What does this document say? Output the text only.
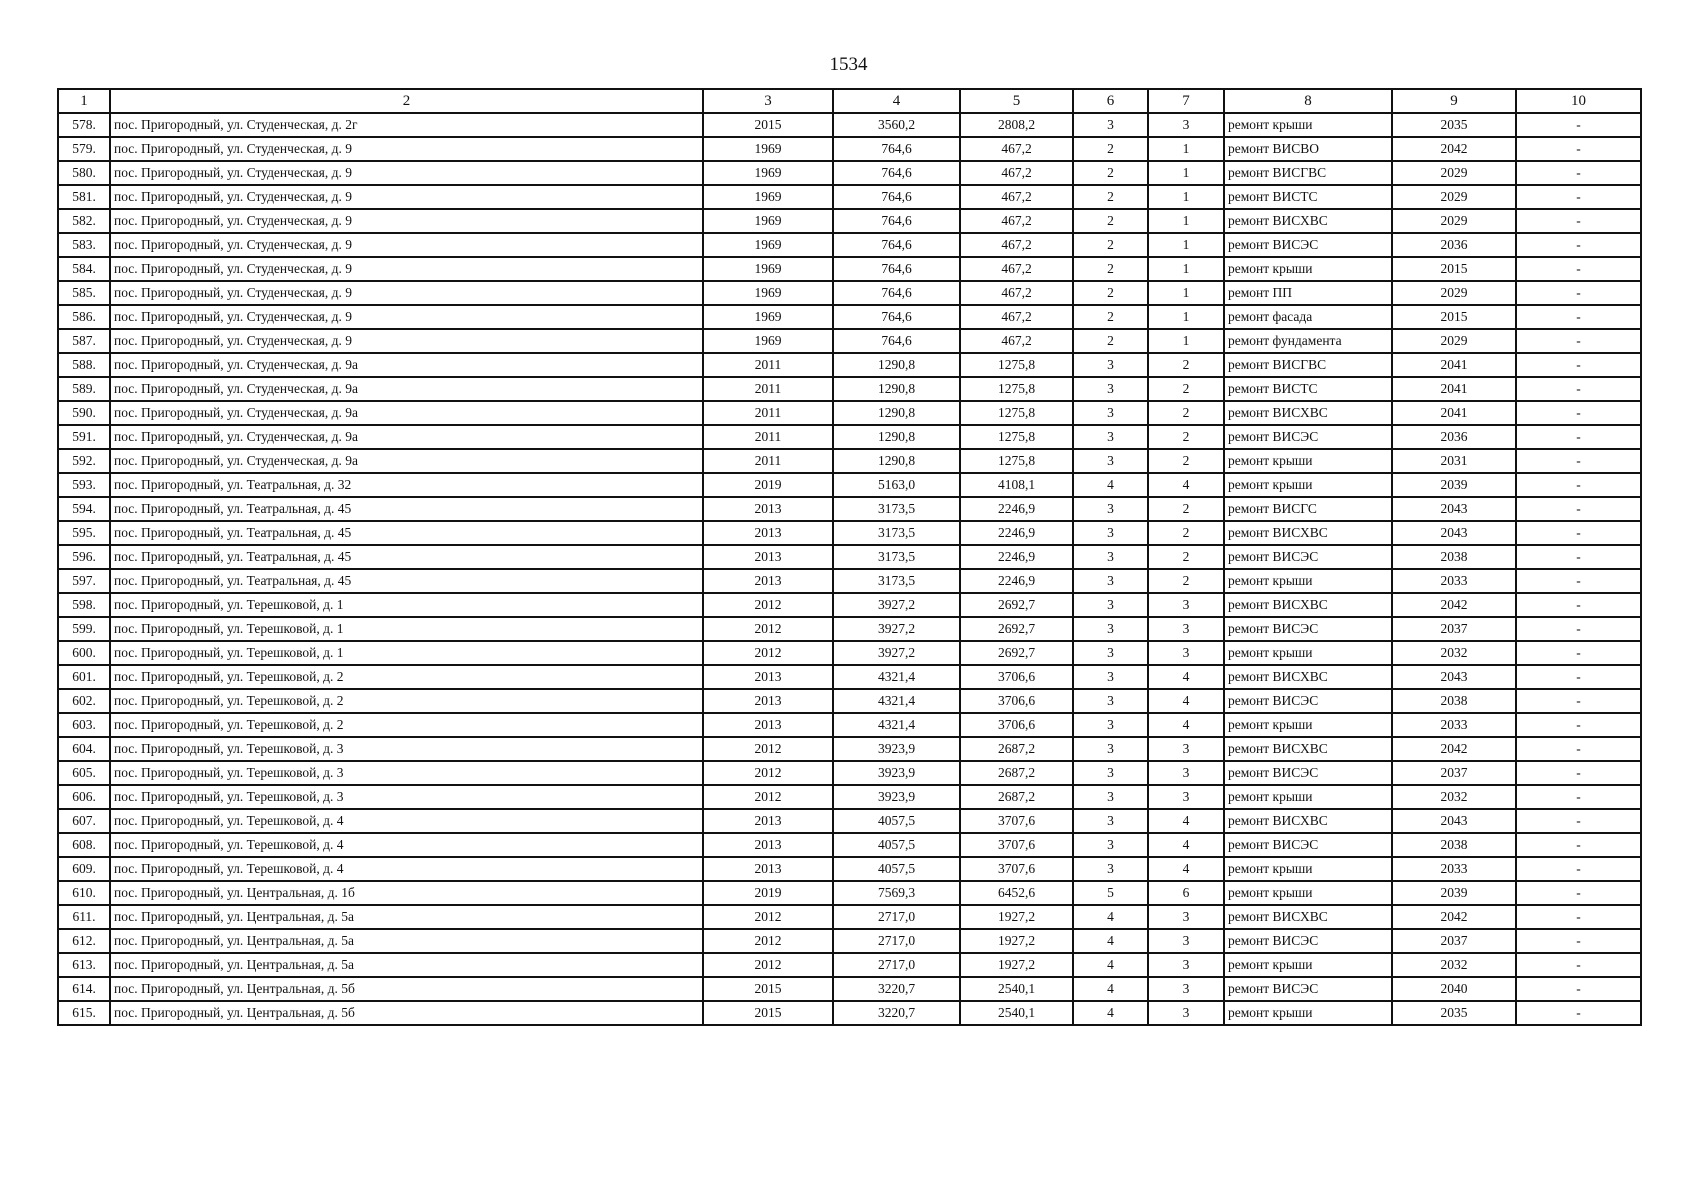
1534
1	2	3	4	5	6	7	8	9	10
578.	пос. Пригородный, ул. Студенческая, д. 2г	2015	3560,2	2808,2	3	3	ремонт крыши	2035	-
579.	пос. Пригородный, ул. Студенческая, д. 9	1969	764,6	467,2	2	1	ремонт ВИСВО	2042	-
580.	пос. Пригородный, ул. Студенческая, д. 9	1969	764,6	467,2	2	1	ремонт ВИСГВС	2029	-
581.	пос. Пригородный, ул. Студенческая, д. 9	1969	764,6	467,2	2	1	ремонт ВИСТС	2029	-
582.	пос. Пригородный, ул. Студенческая, д. 9	1969	764,6	467,2	2	1	ремонт ВИСХВС	2029	-
583.	пос. Пригородный, ул. Студенческая, д. 9	1969	764,6	467,2	2	1	ремонт ВИСЭС	2036	-
584.	пос. Пригородный, ул. Студенческая, д. 9	1969	764,6	467,2	2	1	ремонт крыши	2015	-
585.	пос. Пригородный, ул. Студенческая, д. 9	1969	764,6	467,2	2	1	ремонт ПП	2029	-
586.	пос. Пригородный, ул. Студенческая, д. 9	1969	764,6	467,2	2	1	ремонт фасада	2015	-
587.	пос. Пригородный, ул. Студенческая, д. 9	1969	764,6	467,2	2	1	ремонт фундамента	2029	-
588.	пос. Пригородный, ул. Студенческая, д. 9а	2011	1290,8	1275,8	3	2	ремонт ВИСГВС	2041	-
589.	пос. Пригородный, ул. Студенческая, д. 9а	2011	1290,8	1275,8	3	2	ремонт ВИСТС	2041	-
590.	пос. Пригородный, ул. Студенческая, д. 9а	2011	1290,8	1275,8	3	2	ремонт ВИСХВС	2041	-
591.	пос. Пригородный, ул. Студенческая, д. 9а	2011	1290,8	1275,8	3	2	ремонт ВИСЭС	2036	-
592.	пос. Пригородный, ул. Студенческая, д. 9а	2011	1290,8	1275,8	3	2	ремонт крыши	2031	-
593.	пос. Пригородный, ул. Театральная, д. 32	2019	5163,0	4108,1	4	4	ремонт крыши	2039	-
594.	пос. Пригородный, ул. Театральная, д. 45	2013	3173,5	2246,9	3	2	ремонт ВИСГС	2043	-
595.	пос. Пригородный, ул. Театральная, д. 45	2013	3173,5	2246,9	3	2	ремонт ВИСХВС	2043	-
596.	пос. Пригородный, ул. Театральная, д. 45	2013	3173,5	2246,9	3	2	ремонт ВИСЭС	2038	-
597.	пос. Пригородный, ул. Театральная, д. 45	2013	3173,5	2246,9	3	2	ремонт крыши	2033	-
598.	пос. Пригородный, ул. Терешковой, д. 1	2012	3927,2	2692,7	3	3	ремонт ВИСХВС	2042	-
599.	пос. Пригородный, ул. Терешковой, д. 1	2012	3927,2	2692,7	3	3	ремонт ВИСЭС	2037	-
600.	пос. Пригородный, ул. Терешковой, д. 1	2012	3927,2	2692,7	3	3	ремонт крыши	2032	-
601.	пос. Пригородный, ул. Терешковой, д. 2	2013	4321,4	3706,6	3	4	ремонт ВИСХВС	2043	-
602.	пос. Пригородный, ул. Терешковой, д. 2	2013	4321,4	3706,6	3	4	ремонт ВИСЭС	2038	-
603.	пос. Пригородный, ул. Терешковой, д. 2	2013	4321,4	3706,6	3	4	ремонт крыши	2033	-
604.	пос. Пригородный, ул. Терешковой, д. 3	2012	3923,9	2687,2	3	3	ремонт ВИСХВС	2042	-
605.	пос. Пригородный, ул. Терешковой, д. 3	2012	3923,9	2687,2	3	3	ремонт ВИСЭС	2037	-
606.	пос. Пригородный, ул. Терешковой, д. 3	2012	3923,9	2687,2	3	3	ремонт крыши	2032	-
607.	пос. Пригородный, ул. Терешковой, д. 4	2013	4057,5	3707,6	3	4	ремонт ВИСХВС	2043	-
608.	пос. Пригородный, ул. Терешковой, д. 4	2013	4057,5	3707,6	3	4	ремонт ВИСЭС	2038	-
609.	пос. Пригородный, ул. Терешковой, д. 4	2013	4057,5	3707,6	3	4	ремонт крыши	2033	-
610.	пос. Пригородный, ул. Центральная, д. 1б	2019	7569,3	6452,6	5	6	ремонт крыши	2039	-
611.	пос. Пригородный, ул. Центральная, д. 5а	2012	2717,0	1927,2	4	3	ремонт ВИСХВС	2042	-
612.	пос. Пригородный, ул. Центральная, д. 5а	2012	2717,0	1927,2	4	3	ремонт ВИСЭС	2037	-
613.	пос. Пригородный, ул. Центральная, д. 5а	2012	2717,0	1927,2	4	3	ремонт крыши	2032	-
614.	пос. Пригородный, ул. Центральная, д. 5б	2015	3220,7	2540,1	4	3	ремонт ВИСЭС	2040	-
615.	пос. Пригородный, ул. Центральная, д. 5б	2015	3220,7	2540,1	4	3	ремонт крыши	2035	-
